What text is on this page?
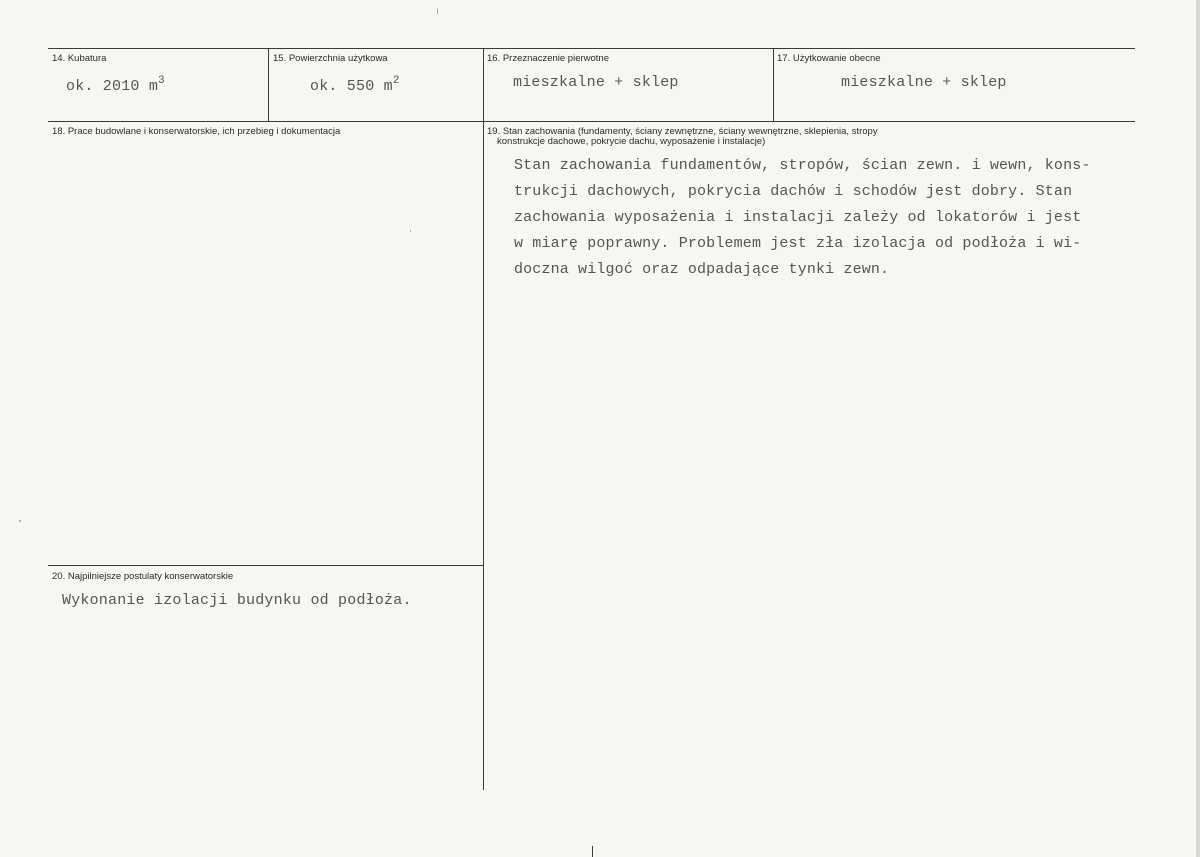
14. Kubatura
ok. 2010 $m^3$
15. Powierzchnia użytkowa
ok. 550 $m^2$
16. Przeznaczenie pierwotne
mieszkalne + sklep
17. Użytkowanie obecne
mieszkalne + sklep
18. Prace budowlane i konserwatorskie, ich przebieg i dokumentacja	19. Stan zachowania (fundamenty, ściany zewnętrzne, ściany wewnętrzne, sklepienia, stropy
konstrukcje dachowe, pokrycie dachu, wyposażenie i instalacje)
Stan zachowania fundamentów, stropów, ścian zewn. i wewn, kons-
trukcji dachowych, pokrycia dachów i schodów jest dobry. Stan
zachowania wyposażenia i instalacji zależy od lokatorów i jest
w miarę poprawny. Problemem jest zła izolacja od podłoża i wi-
doczna wilgoć oraz odpadające tynki zewn.
20. Najpilniejsze postulaty konserwatorskie
Wykonanie izolacji budynku od podłoża.
